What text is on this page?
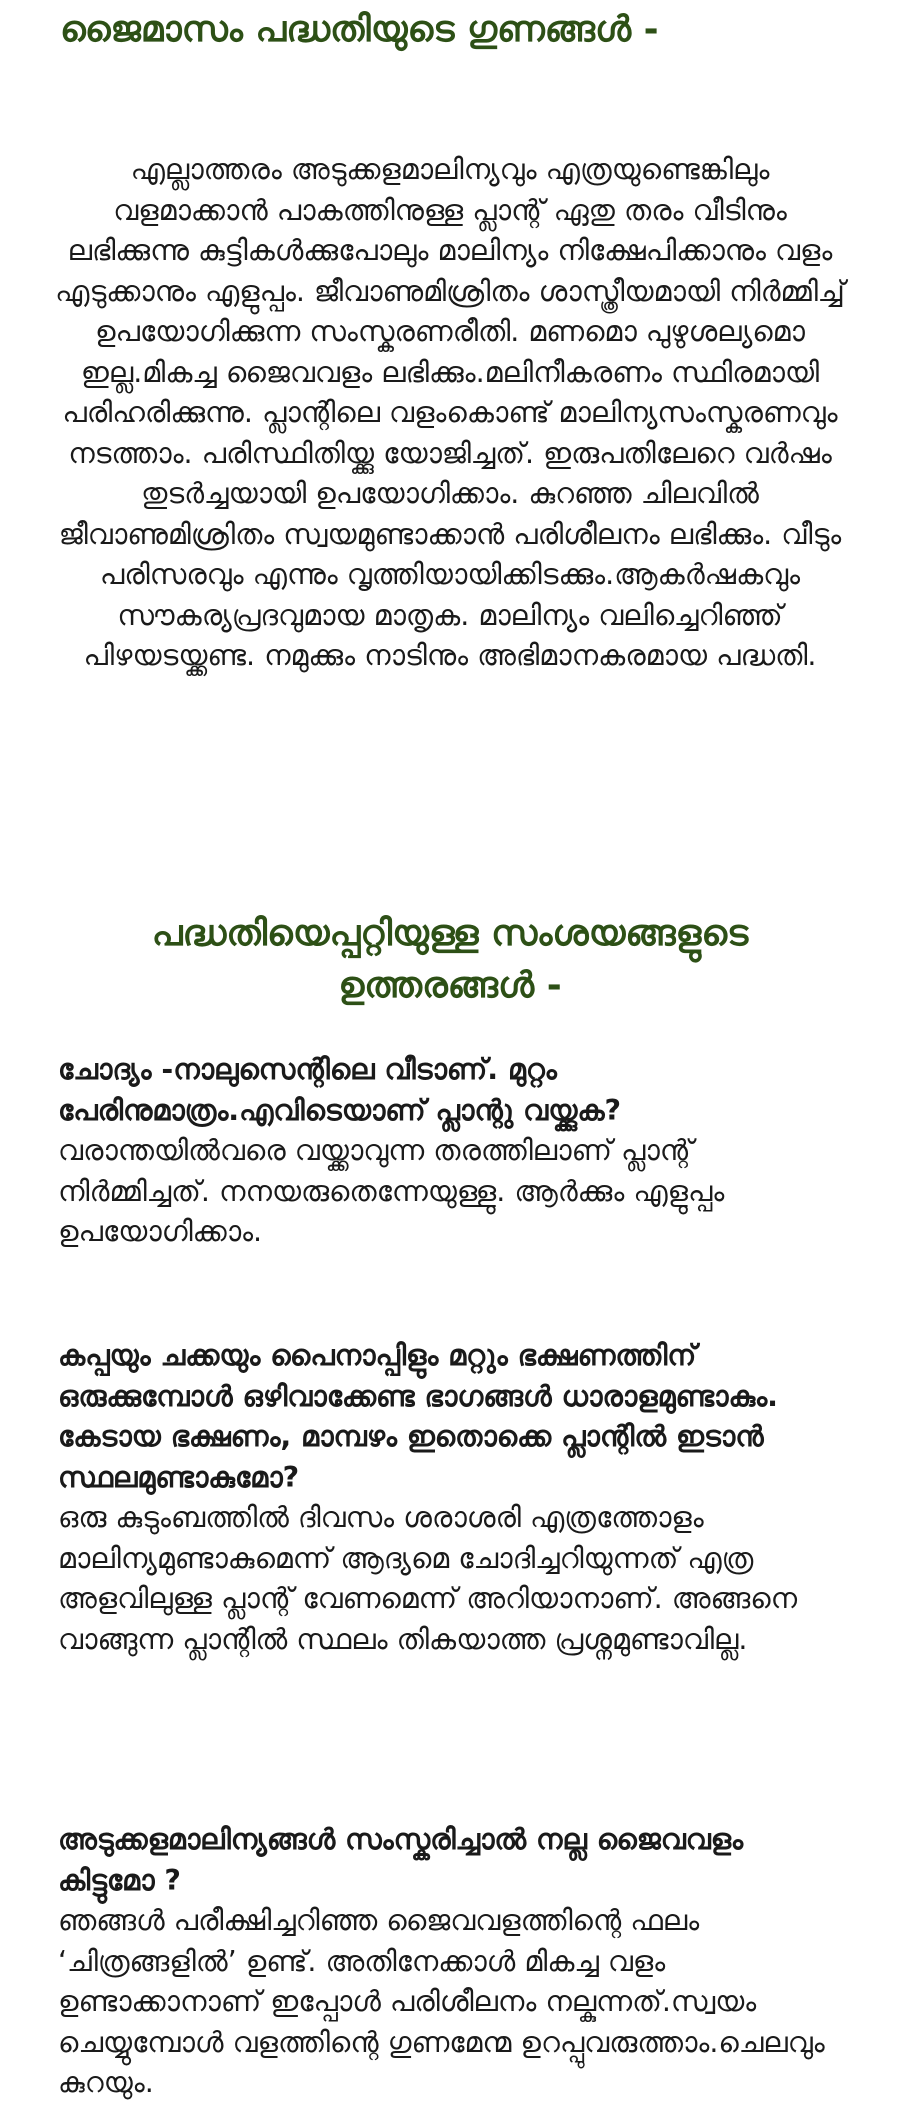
ജൈമാസം പദ്ധതിയുടെ ഗുണങ്ങൾ -

എല്ലാത്തരം അടുക്കളമാലിന്യവും എത്രയുണ്ടെങ്കിലും വളമാക്കാൻ പാകത്തിനുള്ള പ്ലാന്റ് ഏതു തരം വീടിനും ലഭിക്കുന്നു കുട്ടികൾക്കുപോലും മാലിന്യം നിക്ഷേപിക്കാനും വളം എടുക്കാനും എളുപ്പം. ജീവാണുമിശ്രിതം ശാസ്ത്രീയമായി നിർമ്മിച്ച് ഉപയോഗിക്കുന്ന സംസ്കരണരീതി. മണമൊ പുഴുശല്യമൊ ഇല്ല.മികച്ച ജൈവവളം ലഭിക്കും.മലിനീകരണം സ്ഥിരമായി പരിഹരിക്കുന്നു. പ്ലാന്റിലെ വളംകൊണ്ട് മാലിന്യസംസ്കരണവും നടത്താം. പരിസ്ഥിതിയ്ക്കു യോജിച്ചത്. ഇരുപതിലേറെ വർഷം തുടർച്ചയായി ഉപയോഗിക്കാം. കുറഞ്ഞ ചിലവിൽ ജീവാണുമിശ്രിതം സ്വയമുണ്ടാക്കാൻ പരിശീലനം ലഭിക്കും. വീടും പരിസരവും എന്നും വൃത്തിയായിക്കിടക്കും.ആകർഷകവും സൗകര്യപ്രദവുമായ മാതൃക. മാലിന്യം വലിച്ചെറിഞ്ഞ് പിഴയടയ്ക്കണ്ട. നമുക്കും നാടിനും അഭിമാനകരമായ പദ്ധതി.

പദ്ധതിയെപ്പറ്റിയുള്ള സംശയങ്ങളുടെ ഉത്തരങ്ങൾ -

ചോദ്യം -നാലുസെന്റിലെ വീടാണ്. മുറ്റം പേരിനുമാത്രം.എവിടെയാണ് പ്ലാന്റു വയ്ക്കുക?

വരാന്തയിൽവരെ വയ്ക്കാവുന്ന തരത്തിലാണ് പ്ലാന്റ് നിർമ്മിച്ചത്. നനയരുതെന്നേയുള്ളു. ആർക്കും എളുപ്പം ഉപയോഗിക്കാം.

കപ്പയും ചക്കയും പൈനാപ്പിളും മറ്റും ഭക്ഷണത്തിന് ഒരുക്കുമ്പോൾ ഒഴിവാക്കേണ്ട ഭാഗങ്ങൾ ധാരാളമുണ്ടാകും. കേടായ ഭക്ഷണം, മാമ്പഴം ഇതൊക്കെ പ്ലാന്റിൽ ഇടാൻ സ്ഥലമുണ്ടാകുമോ?

ഒരു കുടുംബത്തിൽ ദിവസം ശരാശരി എത്രത്തോളം മാലിന്യമുണ്ടാകുമെന്ന് ആദ്യമെ ചോദിച്ചറിയുന്നത് എത്ര അളവിലുള്ള പ്ലാന്റ് വേണമെന്ന് അറിയാനാണ്. അങ്ങനെ വാങ്ങുന്ന പ്ലാന്റിൽ സ്ഥലം തികയാത്ത പ്രശ്നമുണ്ടാവില്ല.

അടുക്കളമാലിന്യങ്ങൾ സംസ്കരിച്ചാൽ നല്ല ജൈവവളം കിട്ടുമോ ?

ഞങ്ങൾ പരീക്ഷിച്ചറിഞ്ഞ ജൈവവളത്തിന്റെ ഫലം ‘ചിത്രങ്ങളിൽ’ ഉണ്ട്. അതിനേക്കാൾ മികച്ച വളം ഉണ്ടാക്കാനാണ് ഇപ്പോൾ പരിശീലനം നല്കുന്നത്.സ്വയം ചെയ്യുമ്പോൾ വളത്തിന്റെ ഗുണമേന്മ ഉറപ്പുവരുത്താം.ചെലവും കുറയും.
